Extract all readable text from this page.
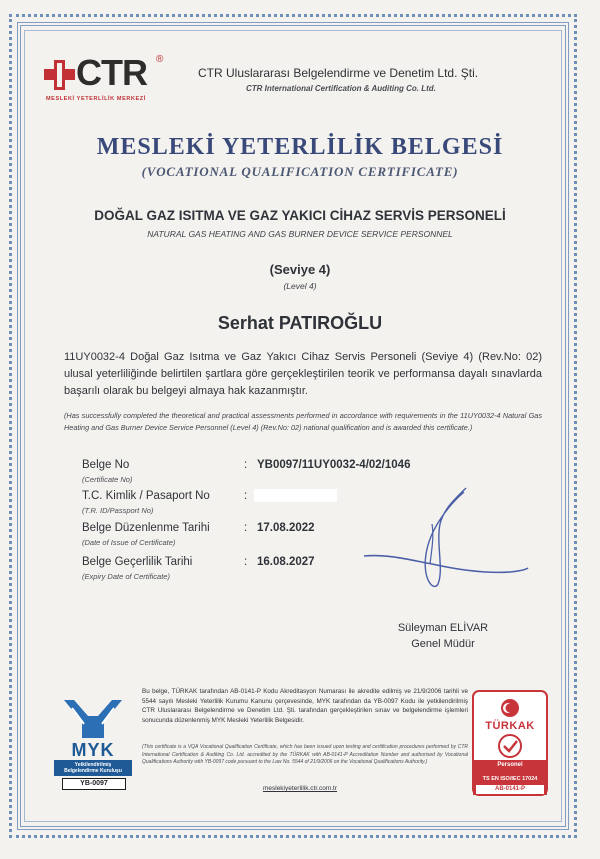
CTR ®
MESLEKİ YETERLİLİK MERKEZİ
CTR Uluslararası Belgelendirme ve Denetim Ltd. Şti.
CTR International Certification & Auditing Co. Ltd.
MESLEKİ YETERLİLİK BELGESİ
(VOCATIONAL QUALIFICATION CERTIFICATE)
DOĞAL GAZ ISITMA VE GAZ YAKICI CİHAZ SERVİS PERSONELİ
NATURAL GAS HEATING AND GAS BURNER DEVICE SERVICE PERSONNEL
(Seviye 4)
(Level 4)
Serhat PATIROĞLU
11UY0032-4 Doğal Gaz Isıtma ve Gaz Yakıcı Cihaz Servis Personeli (Seviye 4) (Rev.No: 02) ulusal yeterliliğinde belirtilen şartlara göre gerçekleştirilen teorik ve performansa dayalı sınavlarda başarılı olarak bu belgeyi almaya hak kazanmıştır.
(Has successfully completed the theoretical and practical assessments performed in accordance with requirements in the 11UY0032-4 Natural Gas Heating and Gas Burner Device Service Personnel (Level 4) (Rev.No: 02) national qualification and is awarded this certificate.)
Belge No
(Certificate No)
: YB0097/11UY0032-4/02/1046
T.C. Kimlik / Pasaport No
(T.R. ID/Passport No)
:
Belge Düzenlenme Tarihi
(Date of Issue of Certificate)
: 17.08.2022
Belge Geçerlilik Tarihi
(Expiry Date of Certificate)
: 16.08.2027
Süleyman ELİVAR
Genel Müdür
MYK
Yetkilendirilmiş
Belgelendirme Kuruluşu
YB-0097
Bu belge, TÜRKAK tarafından AB-0141-P Kodu Akreditasyon Numarası ile akredite edilmiş ve 21/9/2006 tarihli ve 5544 sayılı Mesleki Yeterlilik Kurumu Kanunu çerçevesinde, MYK tarafından da YB-0097 Kodu ile yetkilendirilmiş CTR Uluslararası Belgelendirme ve Denetim Ltd. Şti. tarafından gerçekleştirilen sınav ve belgelendirme işlemleri sonucunda düzenlenmiş MYK Mesleki Yeterlilik Belgesidir.
(This certificate is a VQA Vocational Qualification Certificate, which has been issued upon testing and certification procedures performed by CTR International Certification & Auditing Co. Ltd. accredited by the TÜRKAK with AB-0141-P Accreditation Number and authorised by Vocational Qualifications Authority with YB-0097 code pursuant to the Law No. 5544 of 21/9/2006 on the Vocational Qualifications Authority.)
meslekiyeterlilik.ctr.com.tr
TÜRKAK
Personel
TS EN ISO/IEC 17024
AB-0141-P
